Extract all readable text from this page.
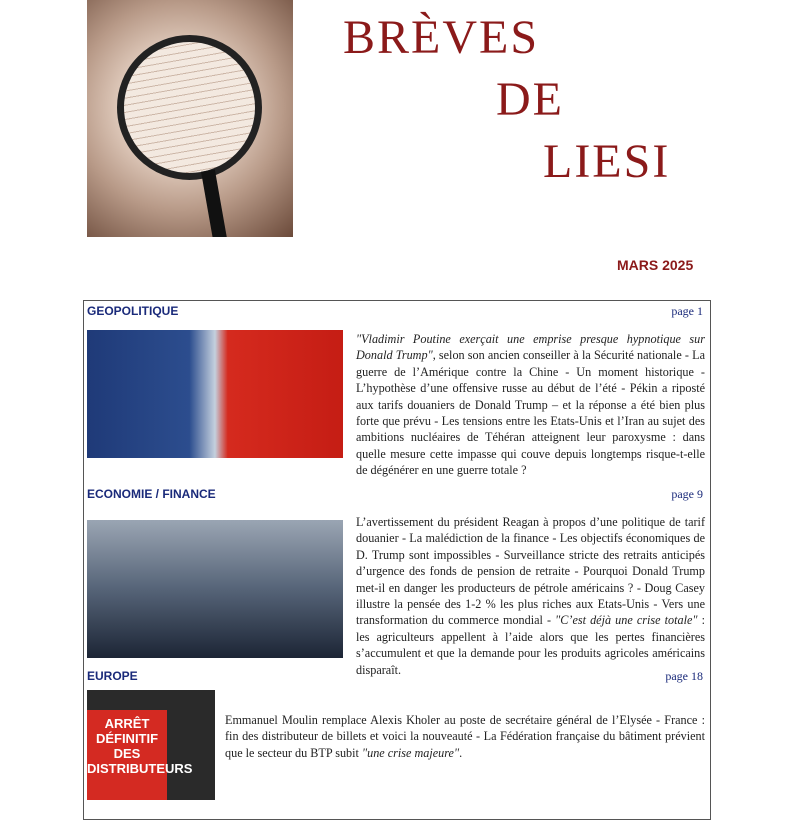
BRÈVES
DE
LIESI
MARS 2025
GEOPOLITIQUE	page 1
"Vladimir Poutine exerçait une emprise presque hypnotique sur Donald Trump", selon son ancien conseiller à la Sécurité nationale - La guerre de l’Amérique contre la Chine - Un moment historique - L’hypothèse d’une offensive russe au début de l’été - Pékin a riposté aux tarifs douaniers de Donald Trump – et la réponse a été bien plus forte que prévu - Les tensions entre les Etats-Unis et l’Iran au sujet des ambitions nucléaires de Téhéran atteignent leur paroxysme : dans quelle mesure cette impasse qui couve depuis longtemps risque-t-elle de dégénérer en une guerre totale ?
ECONOMIE / FINANCE	page 9
L’avertissement du président Reagan à propos d’une politique de tarif douanier - La malédiction de la finance - Les objectifs économiques de D. Trump sont impossibles - Surveillance stricte des retraits anticipés d’urgence des fonds de pension de retraite - Pourquoi Donald Trump met-il en danger les producteurs de pétrole américains ? - Doug Casey illustre la pensée des 1-2 % les plus riches aux Etats-Unis - Vers une transformation du commerce mondial - "C’est déjà une crise totale" : les agriculteurs appellent à l’aide alors que les pertes financières s’accumulent et que la demande pour les produits agricoles américains disparaît.
EUROPE	page 18
ARRÊT DÉFINITIF DES DISTRIBUTEURS
Emmanuel Moulin remplace Alexis Kholer au poste de secrétaire général de l’Elysée - France : fin des distributeur de billets et voici la nouveauté - La Fédération française du bâtiment prévient que le secteur du BTP subit "une crise majeure".
